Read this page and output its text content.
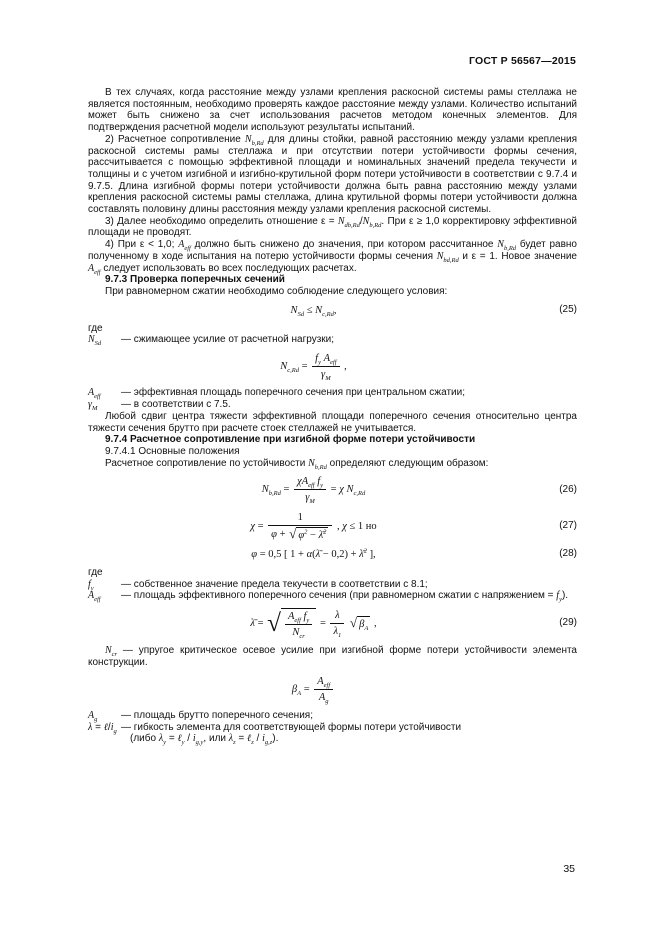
ГОСТ Р 56567—2015
В тех случаях, когда расстояние между узлами крепления раскосной системы рамы стеллажа не является постоянным, необходимо проверять каждое расстояние между узлами. Количество испытаний может быть снижено за счет использования расчетов методом конечных элементов. Для подтверждения расчетной модели используют результаты испытаний.
2) Расчетное сопротивление $N_{b,Rd}$ для длины стойки, равной расстоянию между узлами крепления раскосной системы рамы стеллажа и при отсутствии потери устойчивости формы сечения, рассчитывается с помощью эффективной площади и номинальных значений предела текучести и толщины и с учетом изгибной и изгибно-крутильной форм потери устойчивости в соответствии с 9.7.4 и 9.7.5. Длина изгибной формы потери устойчивости должна быть равна расстоянию между узлами крепления раскосной системы рамы стеллажа, длина крутильной формы потери устойчивости должна составлять половину длины расстояния между узлами крепления раскосной системы.
3) Далее необходимо определить отношение $\varepsilon = N_{db,Rd}/N_{b,Rd}$. При ε ≥ 1,0 корректировку эффективной площади не проводят.
4) При ε < 1,0; $A_{eff}$ должно быть снижено до значения, при котором рассчитанное $N_{b,Rd}$ будет равно полученному в ходе испытания на потерю устойчивости формы сечения $N_{bd,Rd}$ и ε = 1. Новое значение $A_{eff}$ следует использовать во всех последующих расчетах.
9.7.3 Проверка поперечных сечений
При равномерном сжатии необходимо соблюдение следующего условия:
$N_{Sd} \le N_{c,Rd}$ ,	(25)
где
$N_{Sd}$	— сжимающее усилие от расчетной нагрузки;
$N_{c,Rd} = \frac{f_y A_{eff}}{\gamma_M}$ ,
$A_{eff}$	— эффективная площадь поперечного сечения при центральном сжатии;
$\gamma_M$	— в соответствии с 7.5.
Любой сдвиг центра тяжести эффективной площади поперечного сечения относительно центра тяжести сечения брутто при расчете стоек стеллажей не учитывается.
9.7.4 Расчетное сопротивление при изгибной форме потери устойчивости
9.7.4.1 Основные положения
Расчетное сопротивление по устойчивости $N_{b,Rd}$ определяют следующим образом:
$N_{b,Rd} = \frac{\chi A_{eff} f_y}{\gamma_M} = \chi$
$N_{c,Rd}$	(26)
$\chi = \frac{1}{\varphi + √ \varphi^2 - \lambdā^2}$ , χ ≤ 1 но	(27)
φ = 0,5 [ 1 + α ( λ̄ − 0,2) + λ̄$^2$ ],	(28)
где
$f_y$	— собственное значение предела текучести в соответствии с 8.1;
$A_{eff}$	— площадь эффективного поперечного сечения (при равномерном сжатии с напряжением = $f_y$).
λ̄ = √ $\frac{A_{eff} f_y}{N_{cr}} = \frac{\lambda}{\lambda_1}$
√ $\beta_A$ ,	(29)
$N_{cr}$ — упругое критическое осевое усилие при изгибной форме потери устойчивости элемента конструкции.
$\beta_A = \frac{A_{eff}}{A_g}$
$A_g$	— площадь брутто поперечного сечения;
$\lambda = \ell/i_g$ — гибкость элемента для соответствующей формы потери устойчивости
(либо $\lambda_y$ = ℓ$_y$ / $i_{g,y}$, или $\lambda_z$ = ℓ$_z$ / $i_{g,z}$).
35
